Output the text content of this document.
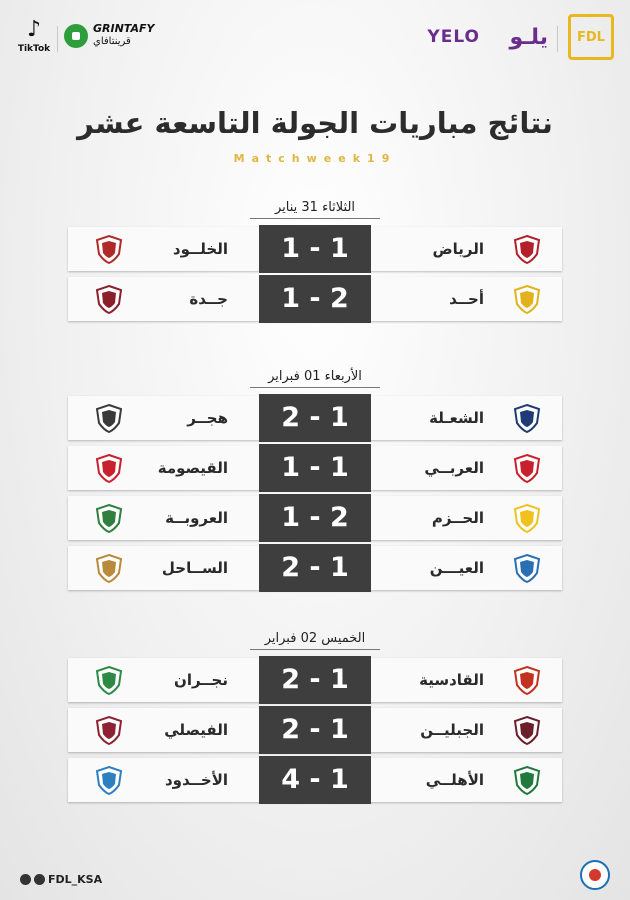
FDL
يلـو
YELO
♪
TikTok
GRINTAFY
قرينتافاي
نتائج مباريات الجولة التاسعة عشر
Matchweek19
الثلاثاء 31 يناير
الرياض
1 - 1
الخلــود
أحــد
1 - 2
جــدة
الأربعاء 01 فبراير
الشعـلة
2 - 1
هجــر
العربــي
1 - 1
القيصومة
الحــزم
1 - 2
العروبــة
العيـــن
2 - 1
الســاحل
الخميس 02 فبراير
القادسية
2 - 1
نجــران
الجبليــن
2 - 1
الفيصلي
الأهلــي
4 - 1
الأخــدود
FDL_KSA
